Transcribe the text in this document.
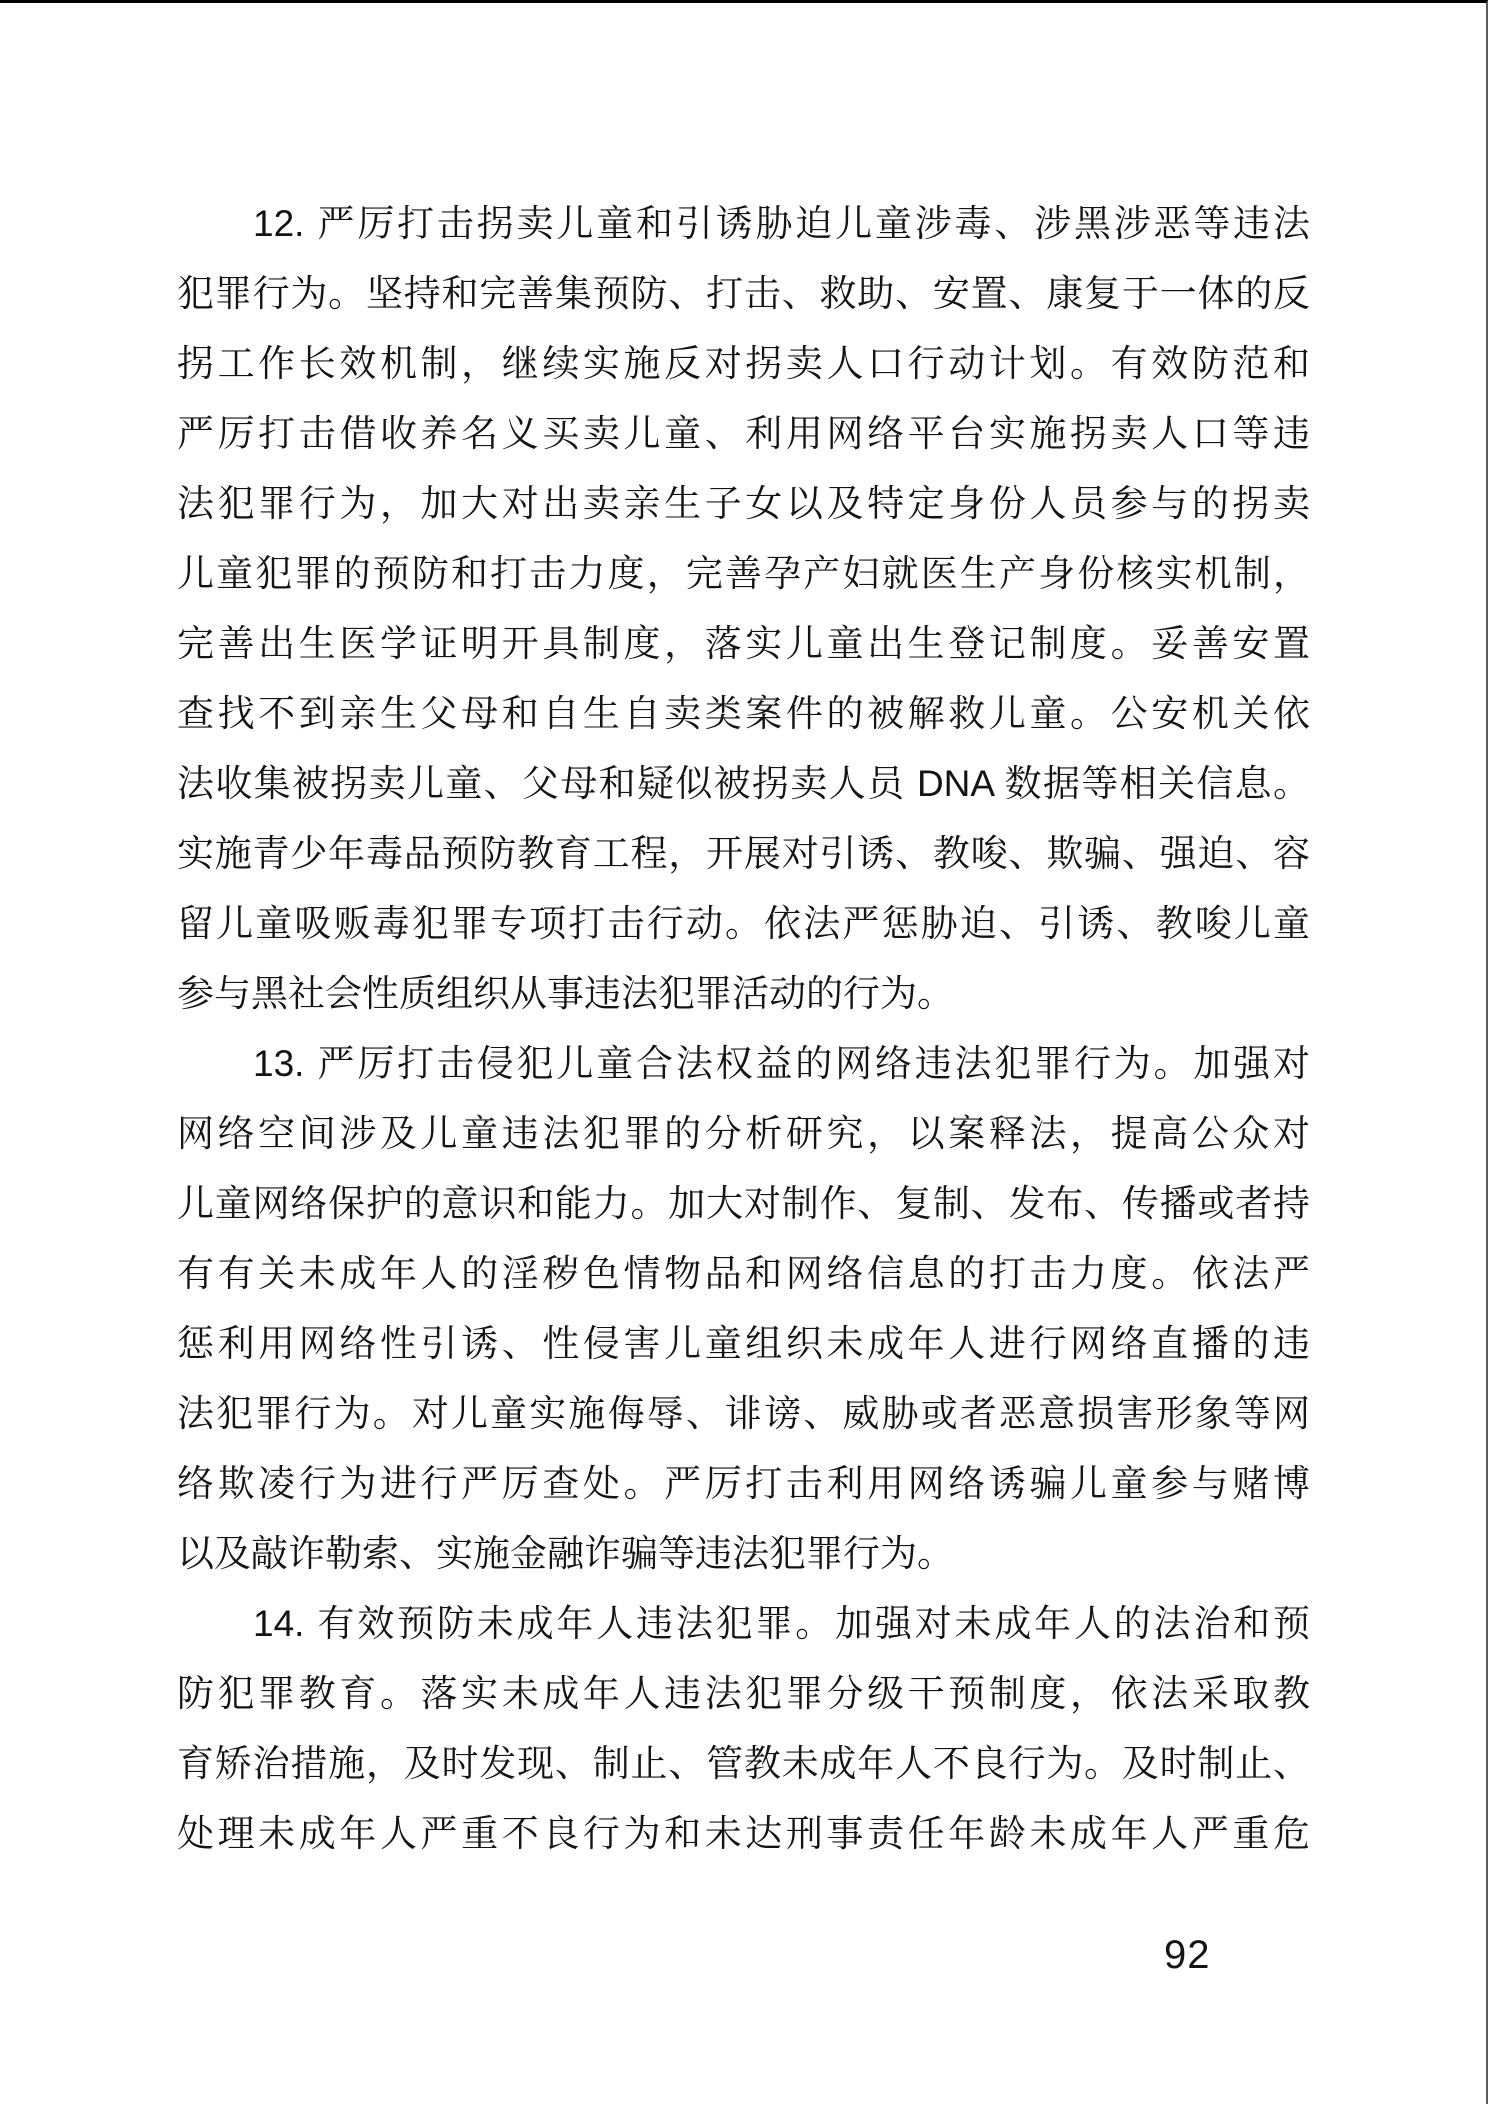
12. 严厉打击拐卖儿童和引诱胁迫儿童涉毒、涉黑涉恶等违法
犯罪行为。坚持和完善集预防、打击、救助、安置、康复于一体的反
拐工作长效机制，继续实施反对拐卖人口行动计划。有效防范和
严厉打击借收养名义买卖儿童、利用网络平台实施拐卖人口等违
法犯罪行为，加大对出卖亲生子女以及特定身份人员参与的拐卖
儿童犯罪的预防和打击力度，完善孕产妇就医生产身份核实机制，
完善出生医学证明开具制度，落实儿童出生登记制度。妥善安置
查找不到亲生父母和自生自卖类案件的被解救儿童。公安机关依
法收集被拐卖儿童、父母和疑似被拐卖人员 DNA 数据等相关信息。
实施青少年毒品预防教育工程，开展对引诱、教唆、欺骗、强迫、容
留儿童吸贩毒犯罪专项打击行动。依法严惩胁迫、引诱、教唆儿童
参与黑社会性质组织从事违法犯罪活动的行为。
13. 严厉打击侵犯儿童合法权益的网络违法犯罪行为。加强对
网络空间涉及儿童违法犯罪的分析研究，以案释法，提高公众对
儿童网络保护的意识和能力。加大对制作、复制、发布、传播或者持
有有关未成年人的淫秽色情物品和网络信息的打击力度。依法严
惩利用网络性引诱、性侵害儿童组织未成年人进行网络直播的违
法犯罪行为。对儿童实施侮辱、诽谤、威胁或者恶意损害形象等网
络欺凌行为进行严厉查处。严厉打击利用网络诱骗儿童参与赌博
以及敲诈勒索、实施金融诈骗等违法犯罪行为。
14. 有效预防未成年人违法犯罪。加强对未成年人的法治和预
防犯罪教育。落实未成年人违法犯罪分级干预制度，依法采取教
育矫治措施，及时发现、制止、管教未成年人不良行为。及时制止、
处理未成年人严重不良行为和未达刑事责任年龄未成年人严重危
92
